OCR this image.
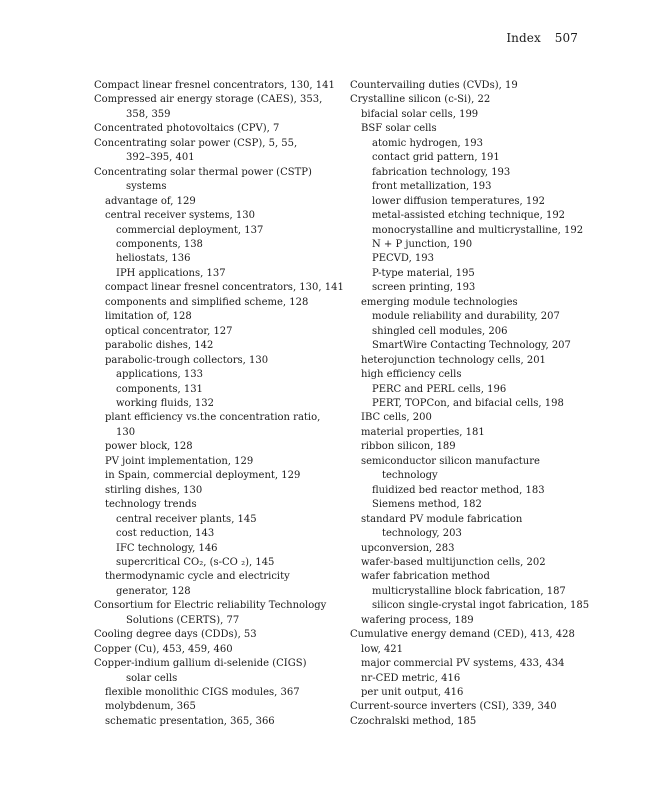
Index 507
Compact linear fresnel concentrators, 130, 141
Compressed air energy storage (CAES), 353,
358, 359
Concentrated photovoltaics (CPV), 7
Concentrating solar power (CSP), 5, 55,
392–395, 401
Concentrating solar thermal power (CSTP)
systems
advantage of, 129
central receiver systems, 130
commercial deployment, 137
components, 138
heliostats, 136
IPH applications, 137
compact linear fresnel concentrators, 130, 141
components and simplified scheme, 128
limitation of, 128
optical concentrator, 127
parabolic dishes, 142
parabolic-trough collectors, 130
applications, 133
components, 131
working fluids, 132
plant efficiency vs.the concentration ratio,
130
power block, 128
PV joint implementation, 129
in Spain, commercial deployment, 129
stirling dishes, 130
technology trends
central receiver plants, 145
cost reduction, 143
IFC technology, 146
supercritical CO₂, (s-CO ₂), 145
thermodynamic cycle and electricity
generator, 128
Consortium for Electric reliability Technology
Solutions (CERTS), 77
Cooling degree days (CDDs), 53
Copper (Cu), 453, 459, 460
Copper-indium gallium di-selenide (CIGS)
solar cells
flexible monolithic CIGS modules, 367
molybdenum, 365
schematic presentation, 365, 366
Countervailing duties (CVDs), 19
Crystalline silicon (c-Si), 22
bifacial solar cells, 199
BSF solar cells
atomic hydrogen, 193
contact grid pattern, 191
fabrication technology, 193
front metallization, 193
lower diffusion temperatures, 192
metal-assisted etching technique, 192
monocrystalline and multicrystalline, 192
N + P junction, 190
PECVD, 193
P-type material, 195
screen printing, 193
emerging module technologies
module reliability and durability, 207
shingled cell modules, 206
SmartWire Contacting Technology, 207
heterojunction technology cells, 201
high efficiency cells
PERC and PERL cells, 196
PERT, TOPCon, and bifacial cells, 198
IBC cells, 200
material properties, 181
ribbon silicon, 189
semiconductor silicon manufacture
technology
fluidized bed reactor method, 183
Siemens method, 182
standard PV module fabrication
technology, 203
upconversion, 283
wafer-based multijunction cells, 202
wafer fabrication method
multicrystalline block fabrication, 187
silicon single-crystal ingot fabrication, 185
wafering process, 189
Cumulative energy demand (CED), 413, 428
low, 421
major commercial PV systems, 433, 434
nr-CED metric, 416
per unit output, 416
Current-source inverters (CSI), 339, 340
Czochralski method, 185
